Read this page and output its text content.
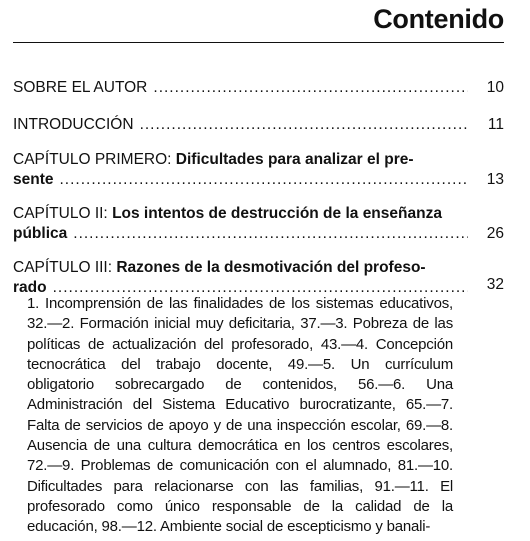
Contenido
SOBRE EL AUTOR .....	10
INTRODUCCIÓN .....	11
CAPÍTULO PRIMERO: Dificultades para analizar el pre-
sente .....	13
CAPÍTULO II: Los intentos de destrucción de la enseñanza
pública .....	26
CAPÍTULO III: Razones de la desmotivación del profeso-
rado .....	32
1. Incomprensión de las finalidades de los sistemas educativos, 32.—2. Formación inicial muy deficitaria, 37.—3. Pobreza de las políticas de actualización del profesorado, 43.—4. Concepción tecnocrática del trabajo docente, 49.—5. Un currículum obligatorio sobrecargado de contenidos, 56.—6. Una Administración del Sistema Educativo burocratizante, 65.—7. Falta de servicios de apoyo y de una inspección escolar, 69.—8. Ausencia de una cultura democrática en los centros escolares, 72.—9. Problemas de comunicación con el alumnado, 81.—10. Dificultades para relacionarse con las familias, 91.—11. El profesorado como único responsable de la calidad de la educación, 98.—12. Ambiente social de escepticismo y banali-
